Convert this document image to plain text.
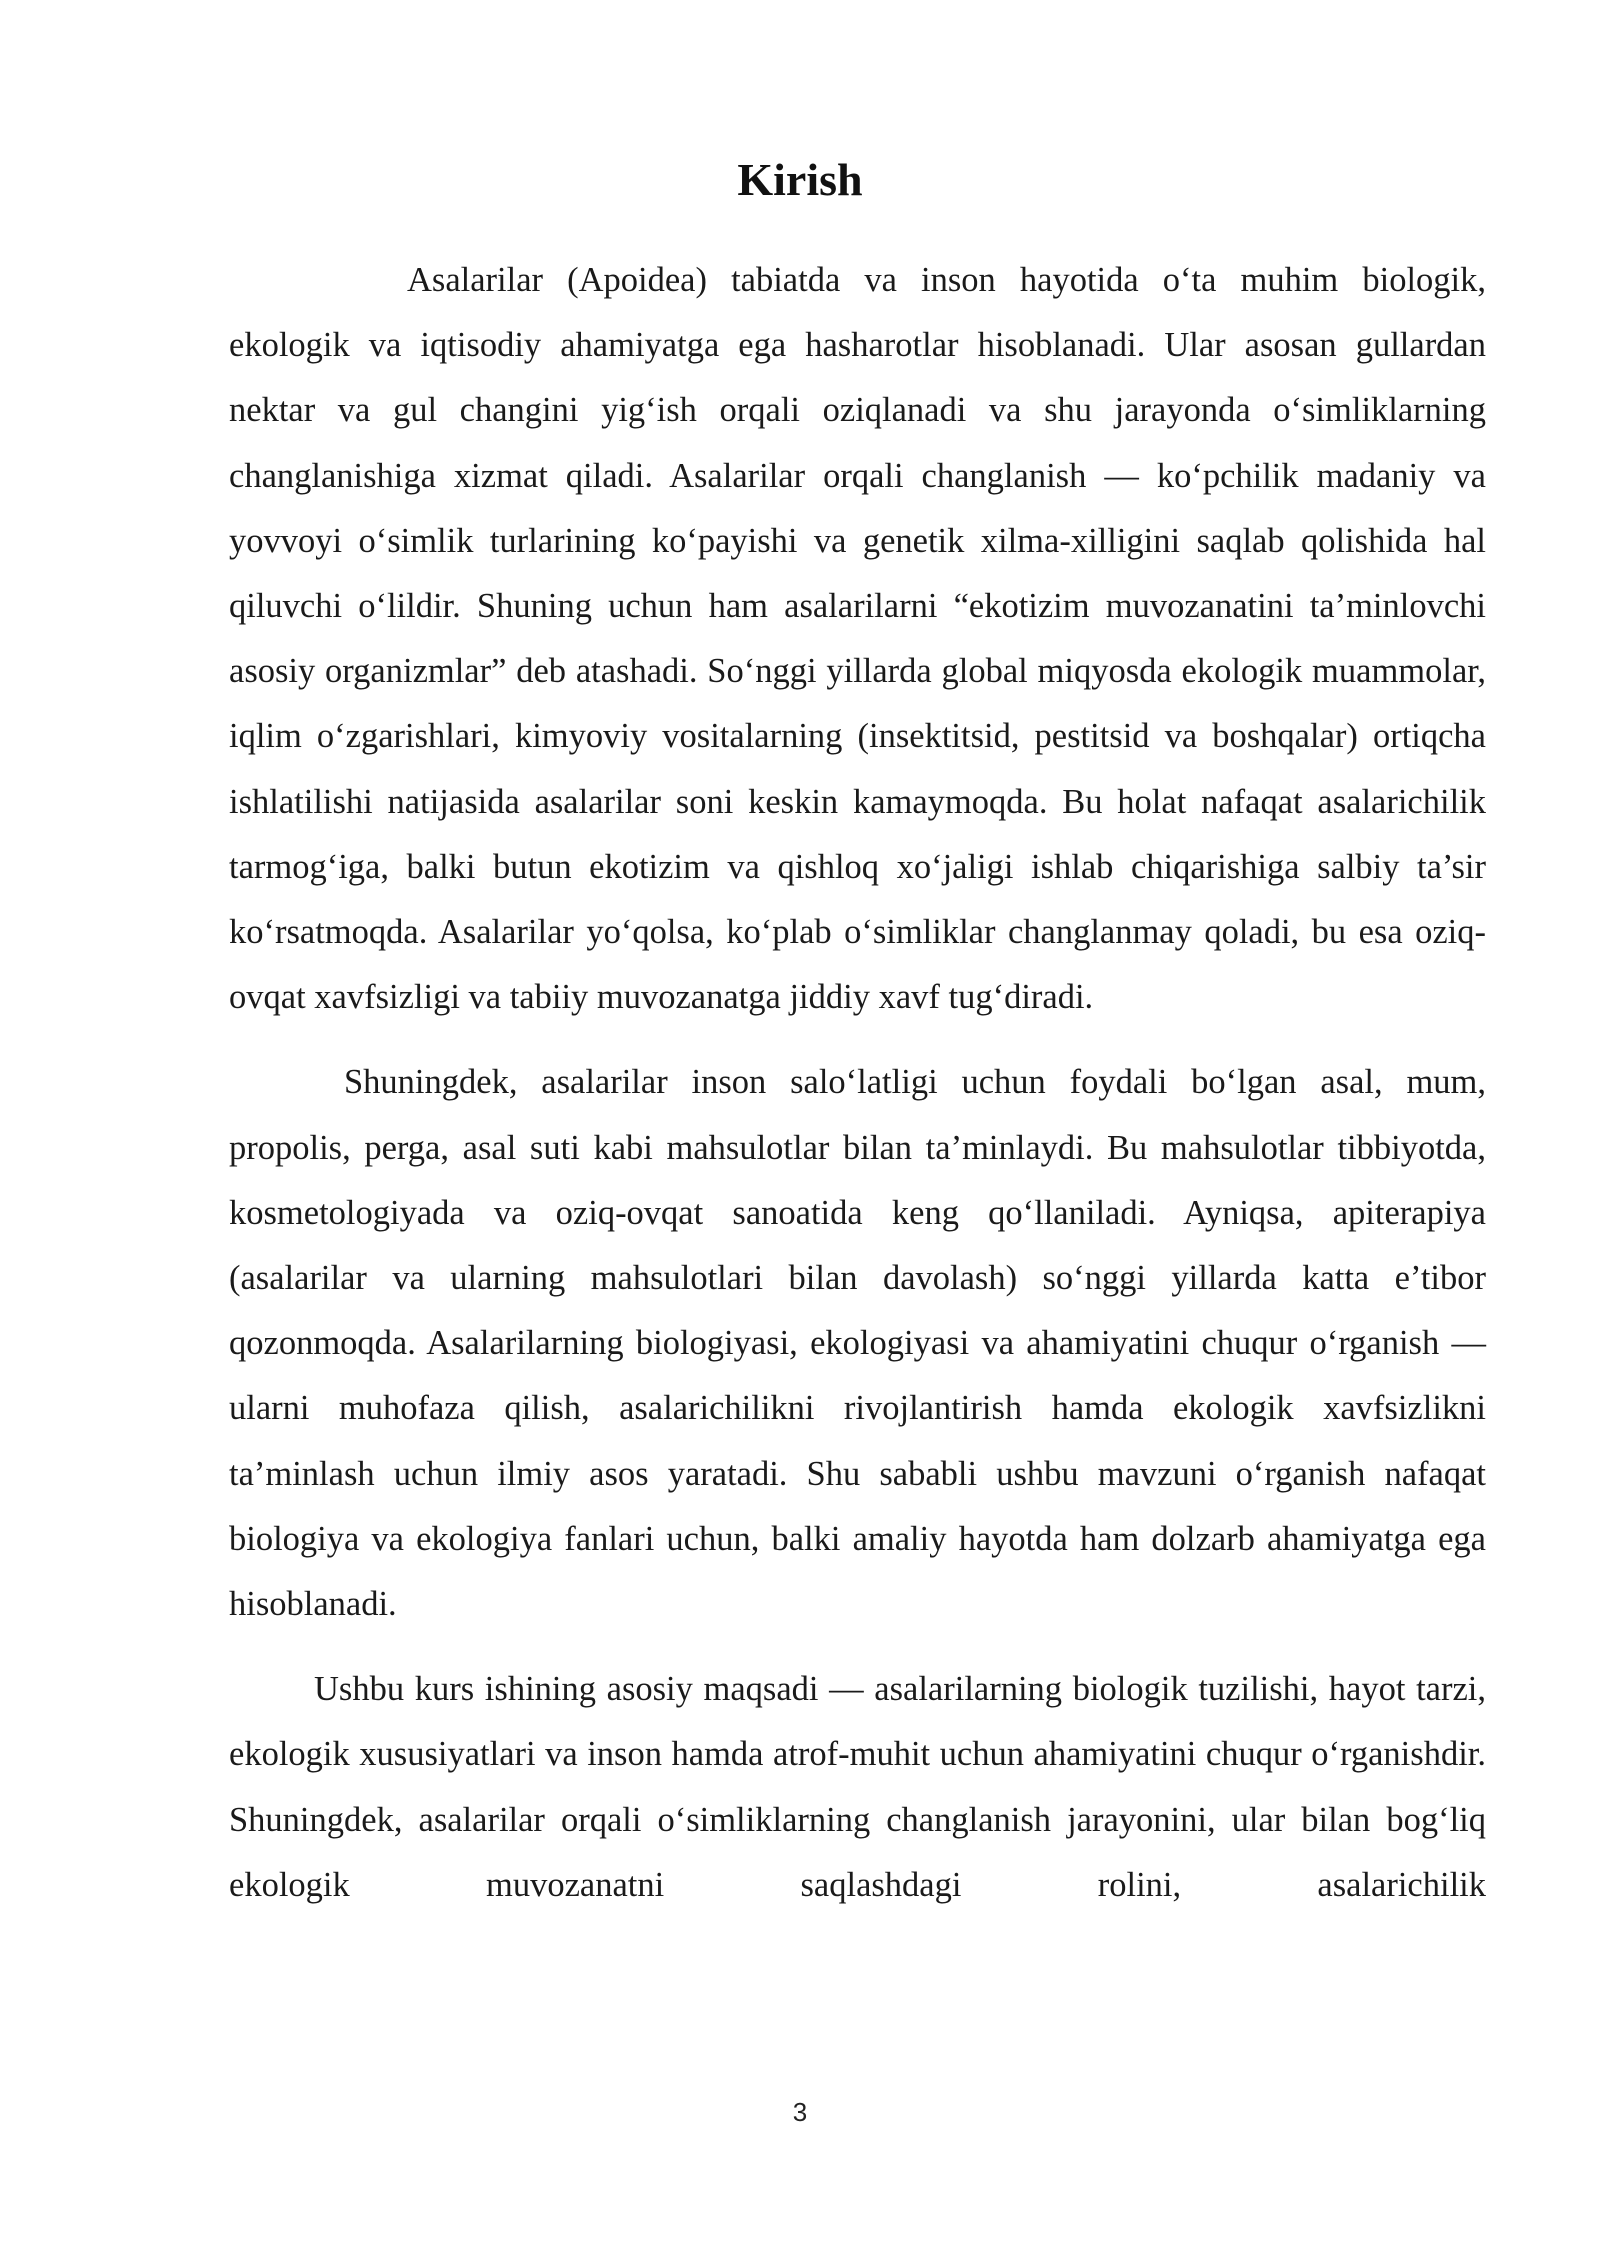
Kirish

Asalarilar (Apoidea) tabiatda va inson hayotida o‘ta muhim biologik, ekologik va iqtisodiy ahamiyatga ega hasharotlar hisoblanadi. Ular asosan gullardan nektar va gul changini yig‘ish orqali oziqlanadi va shu jarayonda o‘simliklarning changlanishiga xizmat qiladi. Asalarilar orqali changlanish — ko‘pchilik madaniy va yovvoyi o‘simlik turlarining ko‘payishi va genetik xilma-xilligini saqlab qolishida hal qiluvchi o‘lildir. Shuning uchun ham asalarilarni “ekotizim muvozanatini ta’minlovchi asosiy organizmlar” deb atashadi. So‘nggi yillarda global miqyosda ekologik muammolar, iqlim o‘zgarishlari, kimyoviy vositalarning (insektitsid, pestitsid va boshqalar) ortiqcha ishlatilishi natijasida asalarilar soni keskin kamaymoqda. Bu holat nafaqat asalarichilik tarmog‘iga, balki butun ekotizim va qishloq xo‘jaligi ishlab chiqarishiga salbiy ta’sir ko‘rsatmoqda. Asalarilar yo‘qolsa, ko‘plab o‘simliklar changlanmay qoladi, bu esa oziq-ovqat xavfsizligi va tabiiy muvozanatga jiddiy xavf tug‘diradi.

Shuningdek, asalarilar inson salo‘latligi uchun foydali bo‘lgan asal, mum, propolis, perga, asal suti kabi mahsulotlar bilan ta’minlaydi. Bu mahsulotlar tibbiyotda, kosmetologiyada va oziq-ovqat sanoatida keng qo‘llaniladi. Ayniqsa, apiterapiya (asalarilar va ularning mahsulotlari bilan davolash) so‘nggi yillarda katta e’tibor qozonmoqda. Asalarilarning biologiyasi, ekologiyasi va ahamiyatini chuqur o‘rganish — ularni muhofaza qilish, asalarichilikni rivojlantirish hamda ekologik xavfsizlikni ta’minlash uchun ilmiy asos yaratadi. Shu sababli ushbu mavzuni o‘rganish nafaqat biologiya va ekologiya fanlari uchun, balki amaliy hayotda ham dolzarb ahamiyatga ega hisoblanadi.

Ushbu kurs ishining asosiy maqsadi — asalarilarning biologik tuzilishi, hayot tarzi, ekologik xususiyatlari va inson hamda atrof-muhit uchun ahamiyatini chuqur o‘rganishdir. Shuningdek, asalarilar orqali o‘simliklarning changlanish jarayonini, ular bilan bog‘liq ekologik muvozanatni saqlashdagi rolini, asalarichilik

3
